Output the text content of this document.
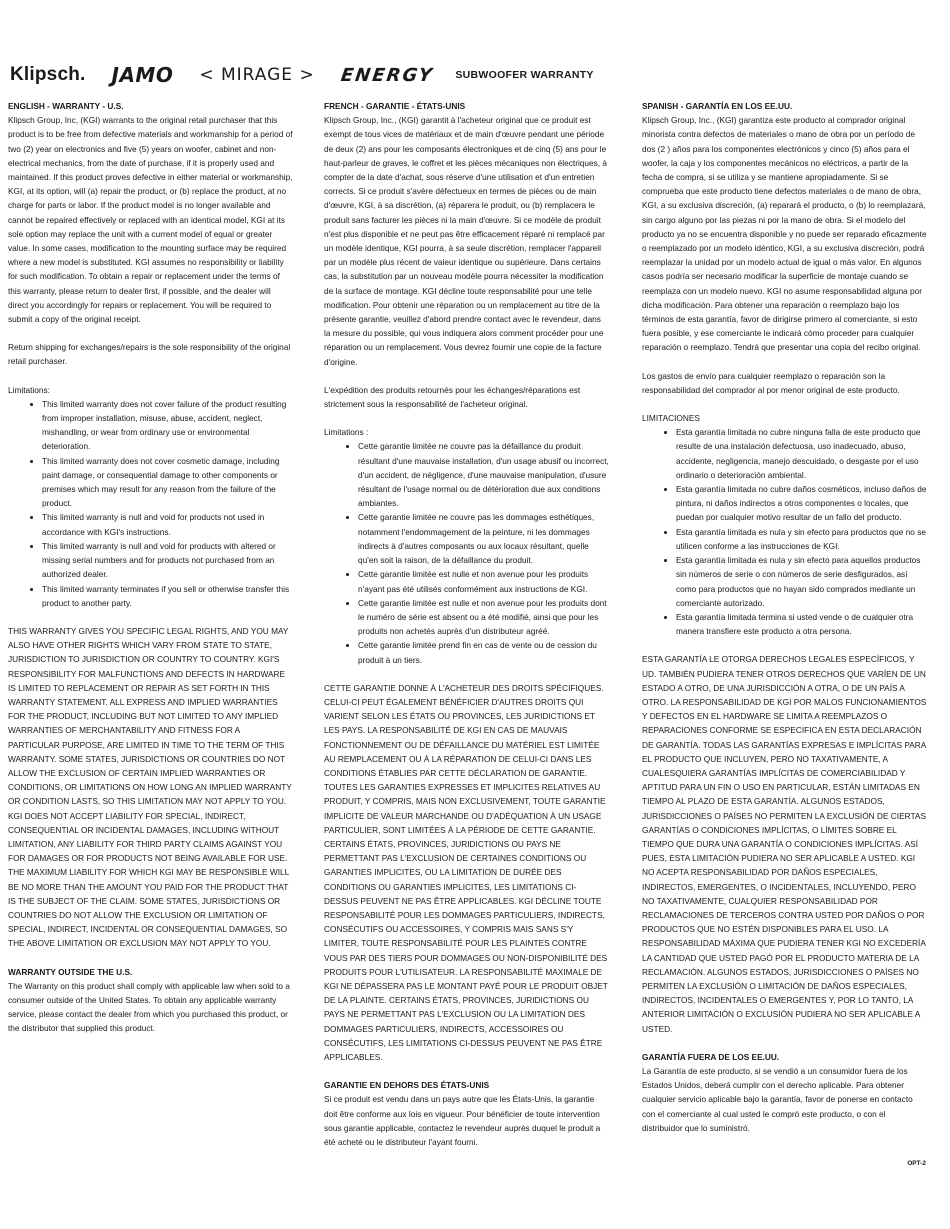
Klipsch. JAMO < MIRAGE > ENERGY SUBWOOFER WARRANTY
ENGLISH - WARRANTY - U.S.

Klipsch Group, Inc, (KGI) warrants to the original retail purchaser that this product is to be free from defective materials and workmanship for a period of two (2) year on electronics and five (5) years on woofer, cabinet and non-electrical mechanics, from the date of purchase, if it is properly used and maintained. If this product proves defective in either material or workmanship, KGI, at its option, will (a) repair the product, or (b) replace the product, at no charge for parts or labor. If the product model is no longer available and cannot be repaired effectively or replaced with an identical model, KGI at its sole option may replace the unit with a current model of equal or greater value. In some cases, modification to the mounting surface may be required where a new model is substituted. KGI assumes no responsibility or liability for such modification. To obtain a repair or replacement under the terms of this warranty, please return to dealer first, if possible, and the dealer will direct you accordingly for repairs or replacement. You will be required to submit a copy of the original receipt.

Return shipping for exchanges/repairs is the sole responsibility of the original retail purchaser.

Limitations:

• This limited warranty does not cover failure of the product resulting from improper installation, misuse, abuse, accident, neglect, mishandling, or wear from ordinary use or environmental deterioration.
• This limited warranty does not cover cosmetic damage, including paint damage, or consequential damage to other components or premises which may result for any reason from the failure of the product.
• This limited warranty is null and void for products not used in accordance with KGI's instructions.
• This limited warranty is null and void for products with altered or missing serial numbers and for products not purchased from an authorized dealer.
• This limited warranty terminates if you sell or otherwise transfer this product to another party.

THIS WARRANTY GIVES YOU SPECIFIC LEGAL RIGHTS, AND YOU MAY ALSO HAVE OTHER RIGHTS WHICH VARY FROM STATE TO STATE, JURISDICTION TO JURISDICTION OR COUNTRY TO COUNTRY. KGI'S RESPONSIBILITY FOR MALFUNCTIONS AND DEFECTS IN HARDWARE IS LIMITED TO REPLACEMENT OR REPAIR AS SET FORTH IN THIS WARRANTY STATEMENT. ALL EXPRESS AND IMPLIED WARRANTIES FOR THE PRODUCT, INCLUDING BUT NOT LIMITED TO ANY IMPLIED WARRANTIES OF MERCHANTABILITY AND FITNESS FOR A PARTICULAR PURPOSE, ARE LIMITED IN TIME TO THE TERM OF THIS WARRANTY. SOME STATES, JURISDICTIONS OR COUNTRIES DO NOT ALLOW THE EXCLUSION OF CERTAIN IMPLIED WARRANTIES OR CONDITIONS, OR LIMITATIONS ON HOW LONG AN IMPLIED WARRANTY OR CONDITION LASTS, SO THIS LIMITATION MAY NOT APPLY TO YOU. KGI DOES NOT ACCEPT LIABILITY FOR SPECIAL, INDIRECT, CONSEQUENTIAL OR INCIDENTAL DAMAGES, INCLUDING WITHOUT LIMITATION, ANY LIABILITY FOR THIRD PARTY CLAIMS AGAINST YOU FOR DAMAGES OR FOR PRODUCTS NOT BEING AVAILABLE FOR USE. THE MAXIMUM LIABILITY FOR WHICH KGI MAY BE RESPONSIBLE WILL BE NO MORE THAN THE AMOUNT YOU PAID FOR THE PRODUCT THAT IS THE SUBJECT OF THE CLAIM. SOME STATES, JURISDICTIONS OR COUNTRIES DO NOT ALLOW THE EXCLUSION OR LIMITATION OF SPECIAL, INDIRECT, INCIDENTAL OR CONSEQUENTIAL DAMAGES, SO THE ABOVE LIMITATION OR EXCLUSION MAY NOT APPLY TO YOU.

WARRANTY OUTSIDE THE U.S.

The Warranty on this product shall comply with applicable law when sold to a consumer outside of the United States. To obtain any applicable warranty service, please contact the dealer from which you purchased this product, or the distributor that supplied this product.

FRENCH - GARANTIE - ÉTATS-UNIS

Klipsch Group, Inc., (KGI) garantit à l'acheteur original que ce produit est exempt de tous vices de matériaux et de main d'œuvre pendant une période de deux (2) ans pour les composants électroniques et de cinq (5) ans pour le haut-parleur de graves, le coffret et les pièces mécaniques non électriques, à compter de la date d'achat, sous réserve d'une utilisation et d'un entretien corrects. Si ce produit s'avère défectueux en termes de pièces ou de main d'œuvre, KGI, à sa discrétion, (a) réparera le produit, ou (b) remplacera le produit sans facturer les pièces ni la main d'œuvre. Si ce modèle de produit n'est plus disponible et ne peut pas être efficacement réparé ni remplacé par un modèle identique, KGI pourra, à sa seule discrétion, remplacer l'appareil par un modèle plus récent de valeur identique ou supérieure. Dans certains cas, la substitution par un nouveau modèle pourra nécessiter la modification de la surface de montage. KGI décline toute responsabilité pour une telle modification. Pour obtenir une réparation ou un remplacement au titre de la présente garantie, veuillez d'abord prendre contact avec le revendeur, dans la mesure du possible, qui vous indiquera alors comment procéder pour une réparation ou un remplacement. Vous devrez fournir une copie de la facture d'origine.

L'expédition des produits retournés pour les échanges/réparations est strictement sous la responsabilité de l'acheteur original.

Limitations :

• Cette garantie limitée ne couvre pas la défaillance du produit résultant d'une mauvaise installation, d'un usage abusif ou incorrect, d'un accident, de négligence, d'une mauvaise manipulation, d'usure résultant de l'usage normal ou de détérioration due aux conditions ambiantes.
• Cette garantie limitée ne couvre pas les dommages esthétiques, notamment l'endommagement de la peinture, ni les dommages indirects à d'autres composants ou aux locaux résultant, quelle qu'en soit la raison, de la défaillance du produit.
• Cette garantie limitée est nulle et non avenue pour les produits n'ayant pas été utilisés conformément aux instructions de KGI.
• Cette garantie limitée est nulle et non avenue pour les produits dont le numéro de série est absent ou a été modifié, ainsi que pour les produits non achetés auprès d'un distributeur agréé.
• Cette garantie limitée prend fin en cas de vente ou de cession du produit à un tiers.

CETTE GARANTIE DONNE À L'ACHETEUR DES DROITS SPÉCIFIQUES. CELUI-CI PEUT ÉGALEMENT BÉNÉFICIER D'AUTRES DROITS QUI VARIENT SELON LES ÉTATS OU PROVINCES, LES JURIDICTIONS ET LES PAYS. LA RESPONSABILITÉ DE KGI EN CAS DE MAUVAIS FONCTIONNEMENT OU DE DÉFAILLANCE DU MATÉRIEL EST LIMITÉE AU REMPLACEMENT OU À LA RÉPARATION DE CELUI-CI DANS LES CONDITIONS ÉTABLIES PAR CETTE DÉCLARATION DE GARANTIE. TOUTES LES GARANTIES EXPRESSES ET IMPLICITES RELATIVES AU PRODUIT, Y COMPRIS, MAIS NON EXCLUSIVEMENT, TOUTE GARANTIE IMPLICITE DE VALEUR MARCHANDE OU D'ADÉQUATION À UN USAGE PARTICULIER, SONT LIMITÉES À LA PÉRIODE DE CETTE GARANTIE. CERTAINS ÉTATS, PROVINCES, JURIDICTIONS OU PAYS NE PERMETTANT PAS L'EXCLUSION DE CERTAINES CONDITIONS OU GARANTIES IMPLICITES, OU LA LIMITATION DE DURÉE DES CONDITIONS OU GARANTIES IMPLICITES, LES LIMITATIONS CI-DESSUS PEUVENT NE PAS ÊTRE APPLICABLES. KGI DÉCLINE TOUTE RESPONSABILITÉ POUR LES DOMMAGES PARTICULIERS, INDIRECTS, CONSÉCUTIFS OU ACCESSOIRES, Y COMPRIS MAIS SANS S'Y LIMITER, TOUTE RESPONSABILITÉ POUR LES PLAINTES CONTRE VOUS PAR DES TIERS POUR DOMMAGES OU NON-DISPONIBILITÉ DES PRODUITS POUR L'UTILISATEUR. LA RESPONSABILITÉ MAXIMALE DE KGI NE DÉPASSERA PAS LE MONTANT PAYÉ POUR LE PRODUIT OBJET DE LA PLAINTE. CERTAINS ÉTATS, PROVINCES, JURIDICTIONS OU PAYS NE PERMETTANT PAS L'EXCLUSION OU LA LIMITATION DES DOMMAGES PARTICULIERS, INDIRECTS, ACCESSOIRES OU CONSÉCUTIFS, LES LIMITATIONS CI-DESSUS PEUVENT NE PAS ÊTRE APPLICABLES.

GARANTIE EN DEHORS DES ÉTATS-UNIS

Si ce produit est vendu dans un pays autre que les États-Unis, la garantie doit être conforme aux lois en vigueur. Pour bénéficier de toute intervention sous garantie applicable, contactez le revendeur auprès duquel le produit a été acheté ou le distributeur l'ayant fourni.

SPANISH - GARANTÍA EN LOS EE.UU.

Klipsch Group, Inc., (KGI) garantiza este producto al comprador original minorista contra defectos de materiales o mano de obra por un período de dos (2 ) años para los componentes electrónicos y cinco (5) años para el woofer, la caja y los componentes mecánicos no eléctricos, a partir de la fecha de compra, si se utiliza y se mantiene apropiadamente. Si se comprueba que este producto tiene defectos materiales o de mano de obra, KGI, a su exclusiva discreción, (a) reparará el producto, o (b) lo reemplazará, sin cargo alguno por las piezas ni por la mano de obra. Si el modelo del producto ya no se encuentra disponible y no puede ser reparado eficazmente o reemplazado por un modelo idéntico, KGI, a su exclusiva discreción, podrá reemplazar la unidad por un modelo actual de igual o más valor. En algunos casos podría ser necesario modificar la superficie de montaje cuando se reemplaza con un modelo nuevo. KGI no asume responsabilidad alguna por dicha modificación. Para obtener una reparación o reemplazo bajo los términos de esta garantía, favor de dirigirse primero al comerciante, si esto fuera posible, y ese comerciante le indicará cómo proceder para cualquier reparación o reemplazo. Tendrá que presentar una copia del recibo original.

Los gastos de envío para cualquier reemplazo o reparación son la responsabilidad del comprador al por menor original de este producto.

LIMITACIONES

• Esta garantía limitada no cubre ninguna falla de este producto que resulte de una instalación defectuosa, uso inadecuado, abuso, accidente, negligencia, manejo descuidado, o desgaste por el uso ordinario o deterioración ambiental.
• Esta garantía limitada no cubre daños cosméticos, incluso daños de pintura, ni daños indirectos a otros componentes o locales, que puedan por cualquier motivo resultar de un fallo del producto.
• Esta garantía limitada es nula y sin efecto para productos que no se utilicen conforme a las instrucciones de KGI.
• Esta garantía limitada es nula y sin efecto para aquellos productos sin números de serie o con números de serie desfigurados, así como para productos que no hayan sido comprados mediante un comerciante autorizado.
• Esta garantía limitada termina si usted vende o de cualquier otra manera transfiere este producto a otra persona.

ESTA GARANTÍA LE OTORGA DERECHOS LEGALES ESPECÍFICOS, Y UD. TAMBIÉN PUDIERA TENER OTROS DERECHOS QUE VARÍEN DE UN ESTADO A OTRO, DE UNA JURISDICCIÓN A OTRA, O DE UN PAÍS A OTRO. LA RESPONSABILIDAD DE KGI POR MALOS FUNCIONAMIENTOS Y DEFECTOS EN EL HARDWARE SE LIMITA A REEMPLAZOS O REPARACIONES CONFORME SE ESPECIFICA EN ESTA DECLARACIÓN DE GARANTÍA. TODAS LAS GARANTÍAS EXPRESAS E IMPLÍCITAS PARA EL PRODUCTO QUE INCLUYEN, PERO NO TAXATIVAMENTE, A CUALESQUIERA GARANTÍAS IMPLÍCITAS DE COMERCIABILIDAD Y APTITUD PARA UN FIN O USO EN PARTICULAR, ESTÁN LIMITADAS EN TIEMPO AL PLAZO DE ESTA GARANTÍA. ALGUNOS ESTADOS, JURISDICCIONES O PAÍSES NO PERMITEN LA EXCLUSIÓN DE CIERTAS GARANTÍAS O CONDICIONES IMPLÍCITAS, O LÍMITES SOBRE EL TIEMPO QUE DURA UNA GARANTÍA O CONDICIONES IMPLÍCITAS. ASÍ PUES, ESTA LIMITACIÓN PUDIERA NO SER APLICABLE A USTED. KGI NO ACEPTA RESPONSABILIDAD POR DAÑOS ESPECIALES, INDIRECTOS, EMERGENTES, O INCIDENTALES, INCLUYENDO, PERO NO TAXATIVAMENTE, CUALQUIER RESPONSABILIDAD POR RECLAMACIONES DE TERCEROS CONTRA USTED POR DAÑOS O POR PRODUCTOS QUE NO ESTÉN DISPONIBLES PARA EL USO. LA RESPONSABILIDAD MÁXIMA QUE PUDIERA TENER KGI NO EXCEDERÍA LA CANTIDAD QUE USTED PAGÓ POR EL PRODUCTO MATERIA DE LA RECLAMACIÓN. ALGUNOS ESTADOS, JURISDICCIONES O PAÍSES NO PERMITEN LA EXCLUSIÓN O LIMITACIÓN DE DAÑOS ESPECIALES, INDIRECTOS, INCIDENTALES O EMERGENTES Y, POR LO TANTO, LA ANTERIOR LIMITACIÓN O EXCLUSIÓN PUDIERA NO SER APLICABLE A USTED.

GARANTÍA FUERA DE LOS EE.UU.

La Garantía de este producto, si se vendió a un consumidor fuera de los Estados Unidos, deberá cumplir con el derecho aplicable. Para obtener cualquier servicio aplicable bajo la garantía, favor de ponerse en contacto con el comerciante al cual usted le compró este producto, o con el distribuidor que lo suministró.

OPT-2
